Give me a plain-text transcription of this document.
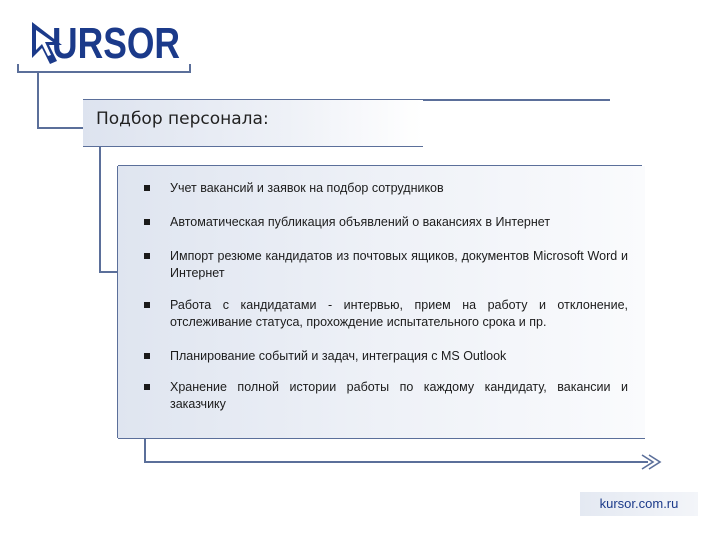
URSOR
Подбор персонала:
Учет вакансий и заявок на подбор сотрудников
Автоматическая публикация объявлений о вакансиях в Интернет
Импорт резюме кандидатов из почтовых ящиков, документов Microsoft Word и Интернет
Работа с кандидатами - интервью, прием на работу и отклонение, отслеживание статуса, прохождение испытательного срока и пр.
Планирование событий и задач, интеграция с MS Outlook
Хранение полной истории работы по каждому кандидату, вакансии и заказчику
kursor.com.ru
